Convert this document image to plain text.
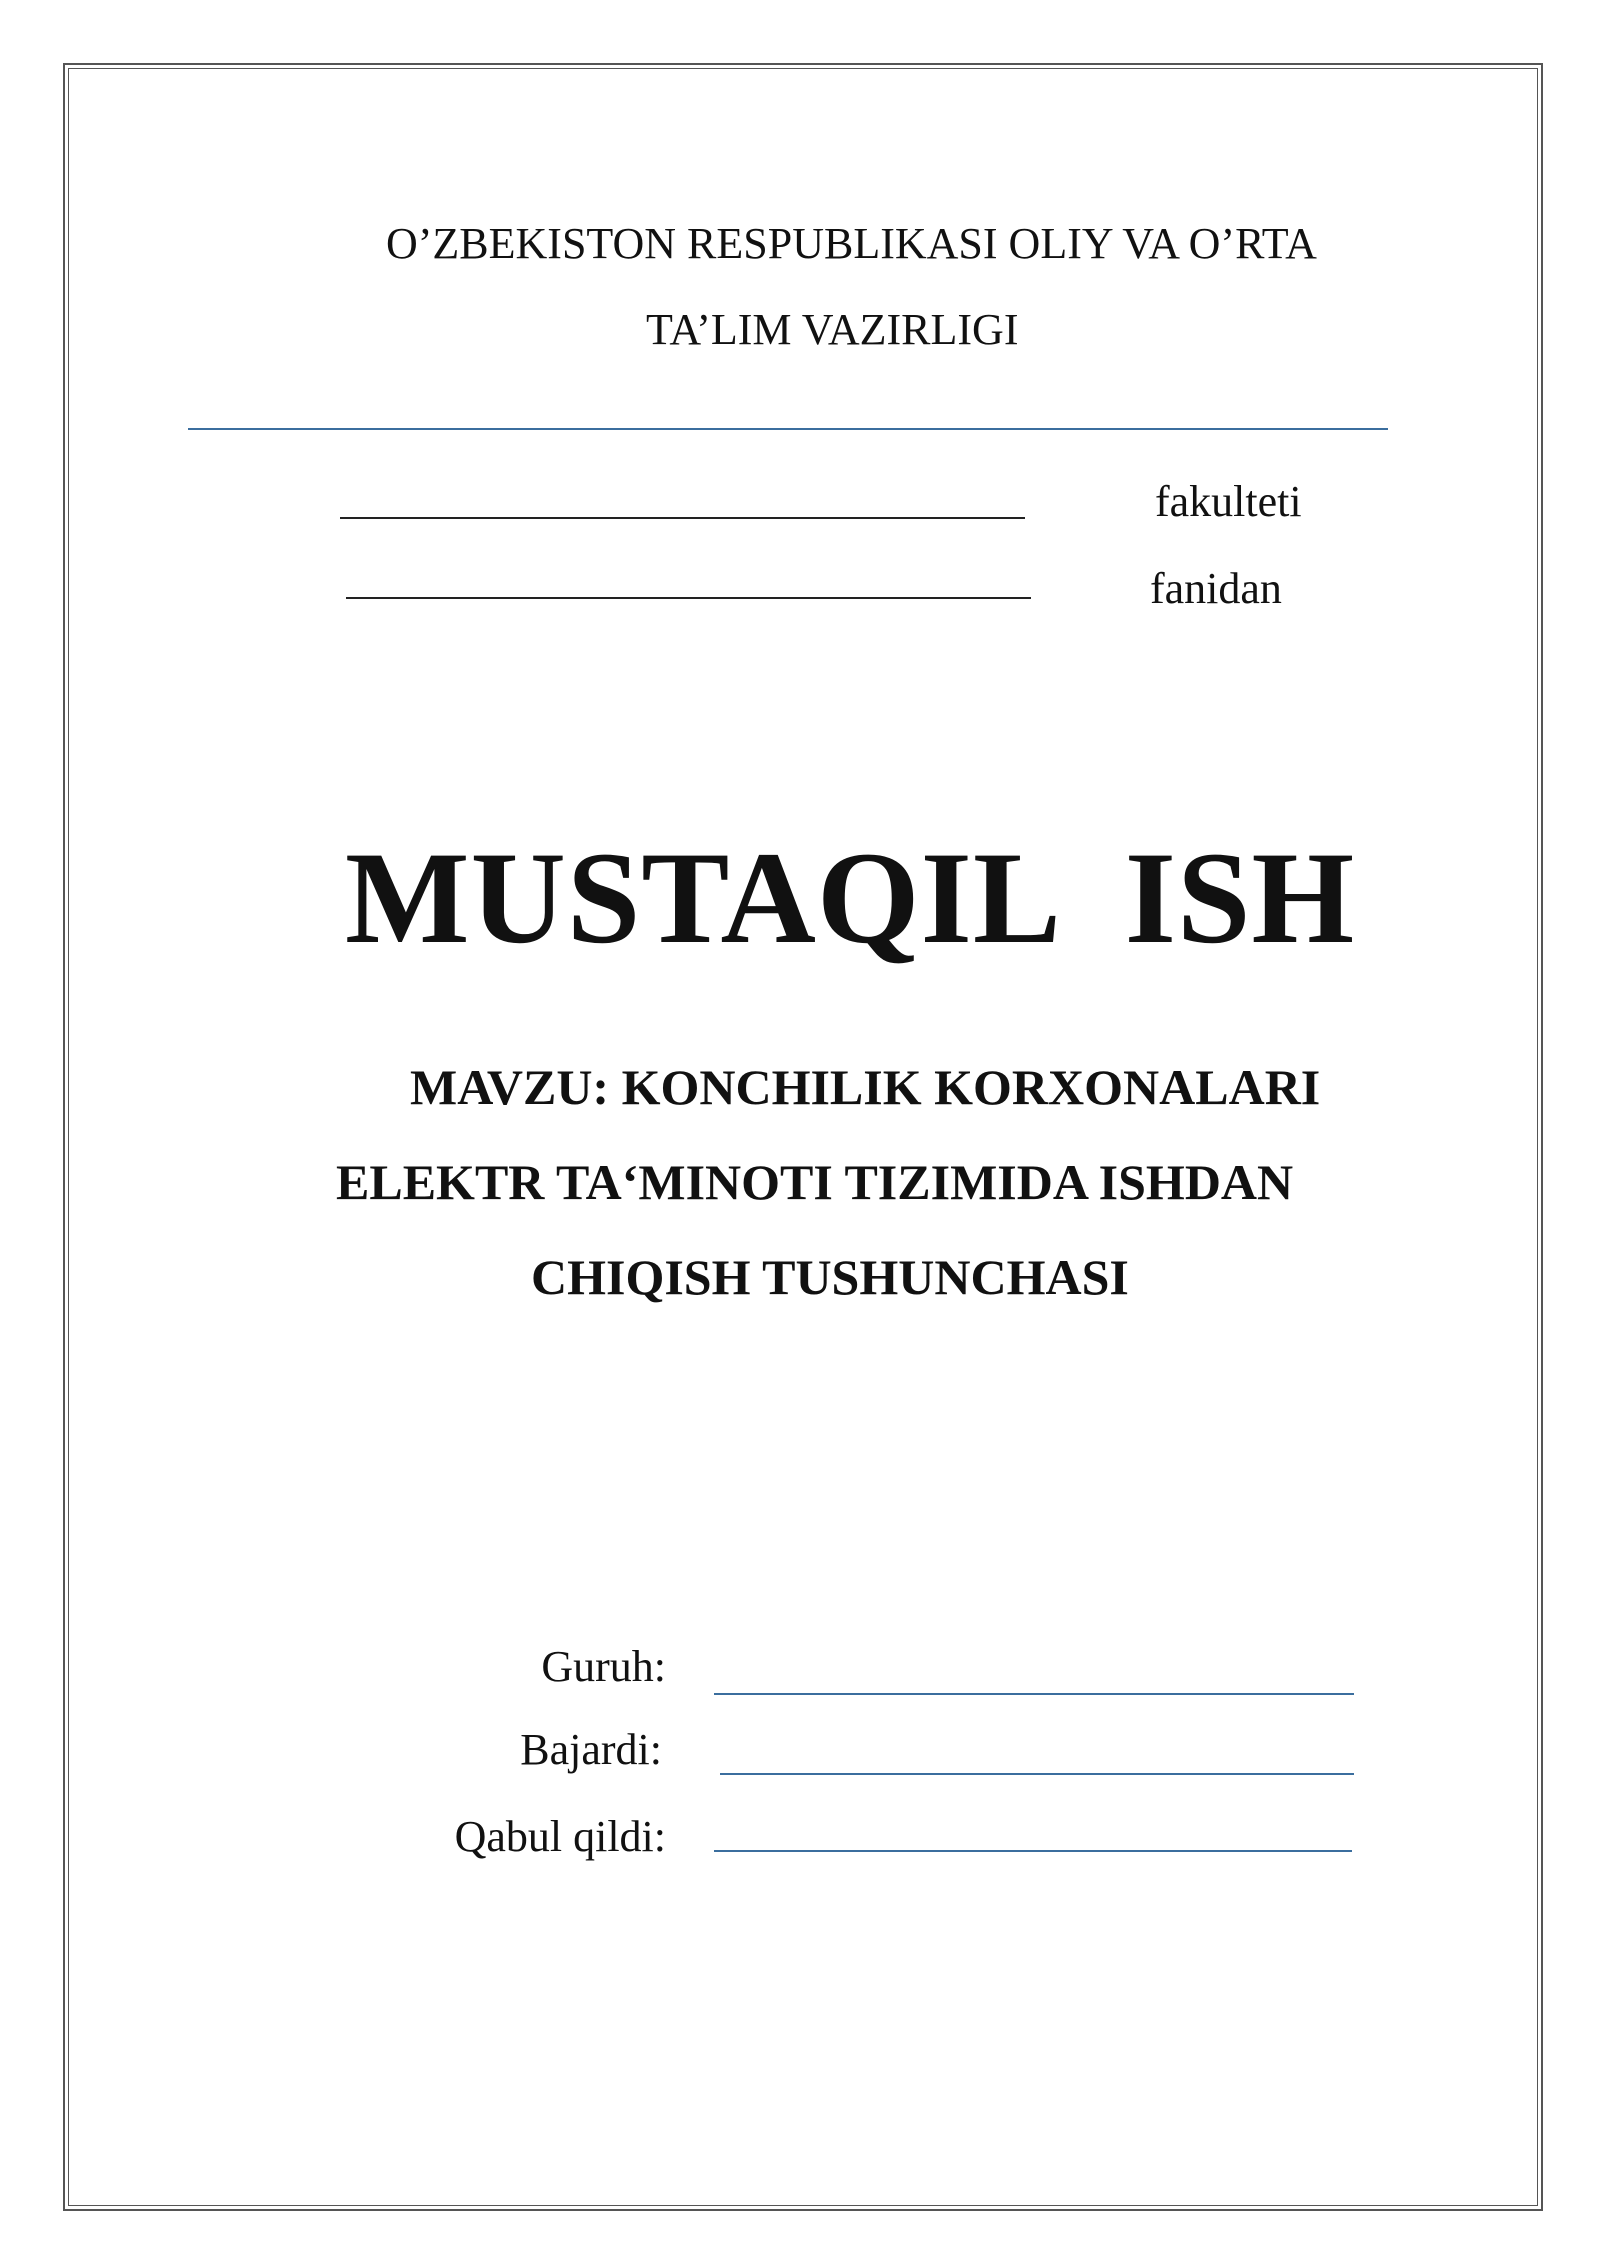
O’ZBEKISTON RESPUBLIKASI OLIY VA O’RTA
TA’LIM VAZIRLIGI
fakulteti
fanidan
MUSTAQIL ISH
MAVZU: KONCHILIK KORXONALARI
ELEKTR TA‘MINOTI TIZIMIDA ISHDAN
CHIQISH TUSHUNCHASI
Guruh:
Bajardi:
Qabul qildi:
